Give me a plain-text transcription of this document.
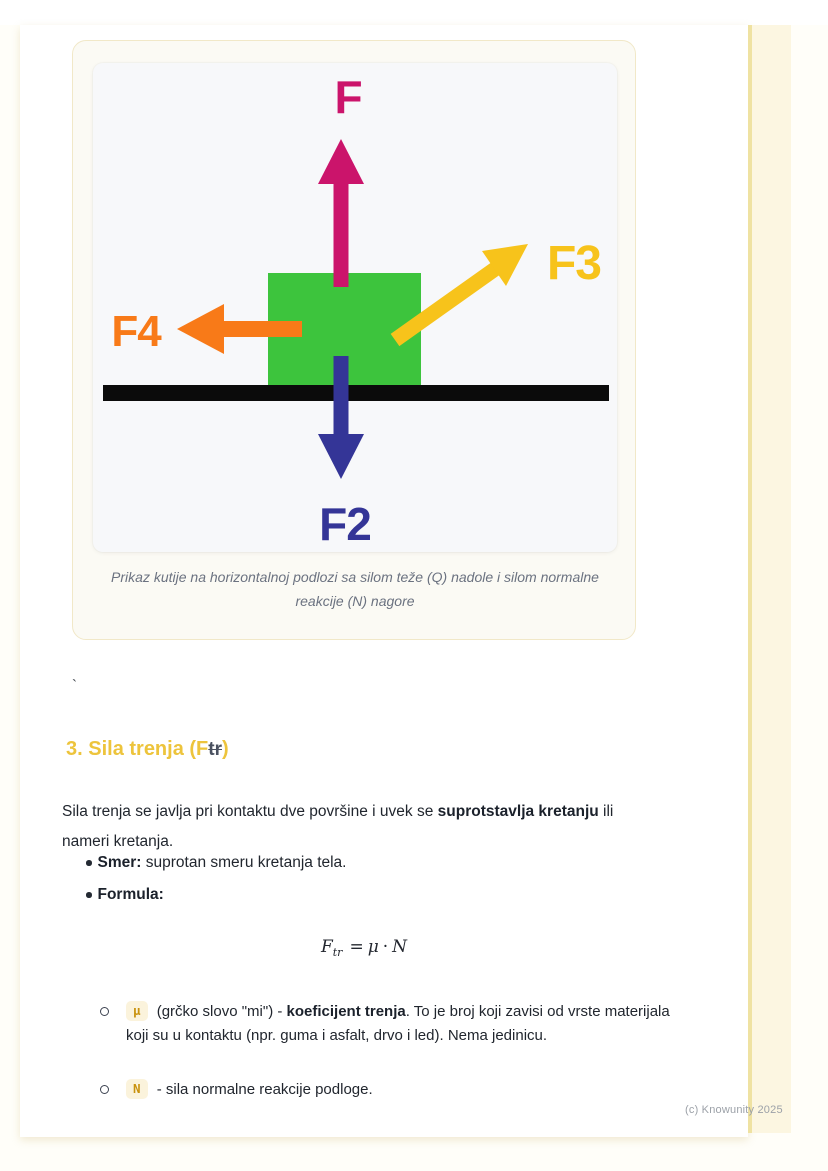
F
F2
F3
F4
Prikaz kutije na horizontalnoj podlozi sa silom teže (Q) nadole i silom normalne reakcije (N) nagore
`
3. Sila trenja (Ftr)

Sila trenja se javlja pri kontaktu dve površine i uvek se suprotstavlja kretanju ili nameri kretanja.

Smer: suprotan smeru kretanja tela.
Formula:
$F_{tr} = \mu \cdot N$
μ (grčko slovo "mi") - koeficijent trenja. To je broj koji zavisi od vrste materijala koji su u kontaktu (npr. guma i asfalt, drvo i led). Nema jedinicu.
N - sila normalne reakcije podloge.
(c) Knowunity 2025
